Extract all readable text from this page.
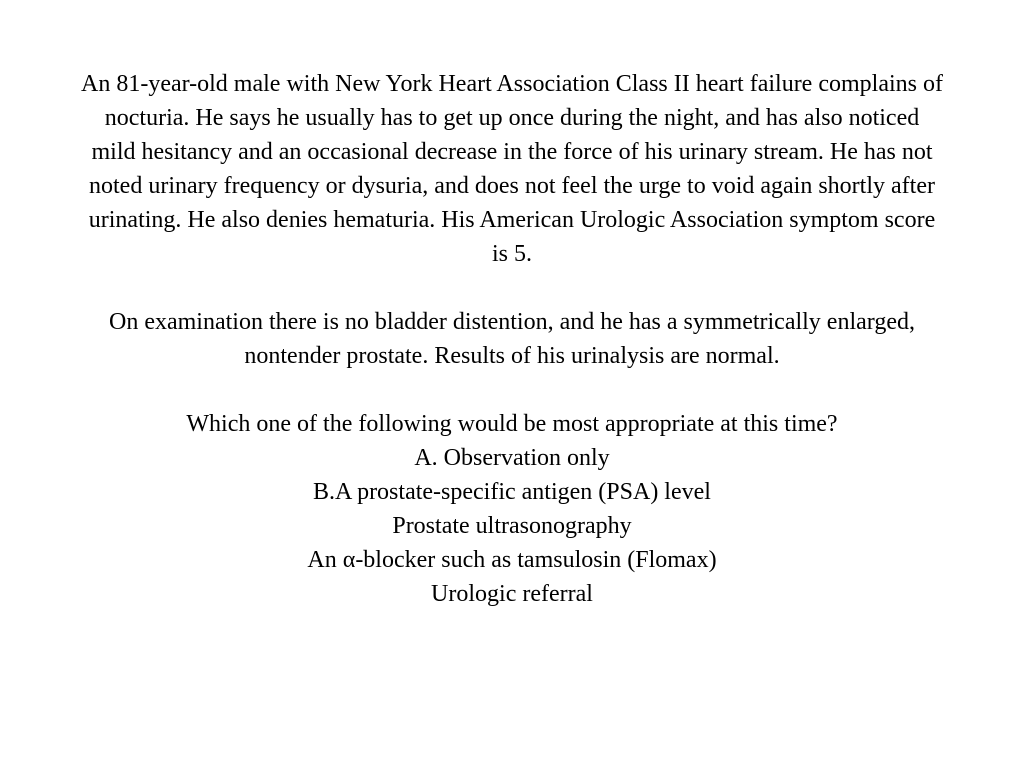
An 81-year-old male with New York Heart Association Class II heart failure complains of nocturia. He says he usually has to get up once during the night, and has also noticed mild hesitancy and an occasional decrease in the force of his urinary stream. He has not noted urinary frequency or dysuria, and does not feel the urge to void again shortly after urinating. He also denies hematuria. His American Urologic Association symptom score is 5.

On examination there is no bladder distention, and he has a symmetrically enlarged, nontender prostate. Results of his urinalysis are normal.

Which one of the following would be most appropriate at this time?

A. Observation only
B.A prostate-specific antigen (PSA) level
Prostate ultrasonography
An α-blocker such as tamsulosin (Flomax)
Urologic referral
